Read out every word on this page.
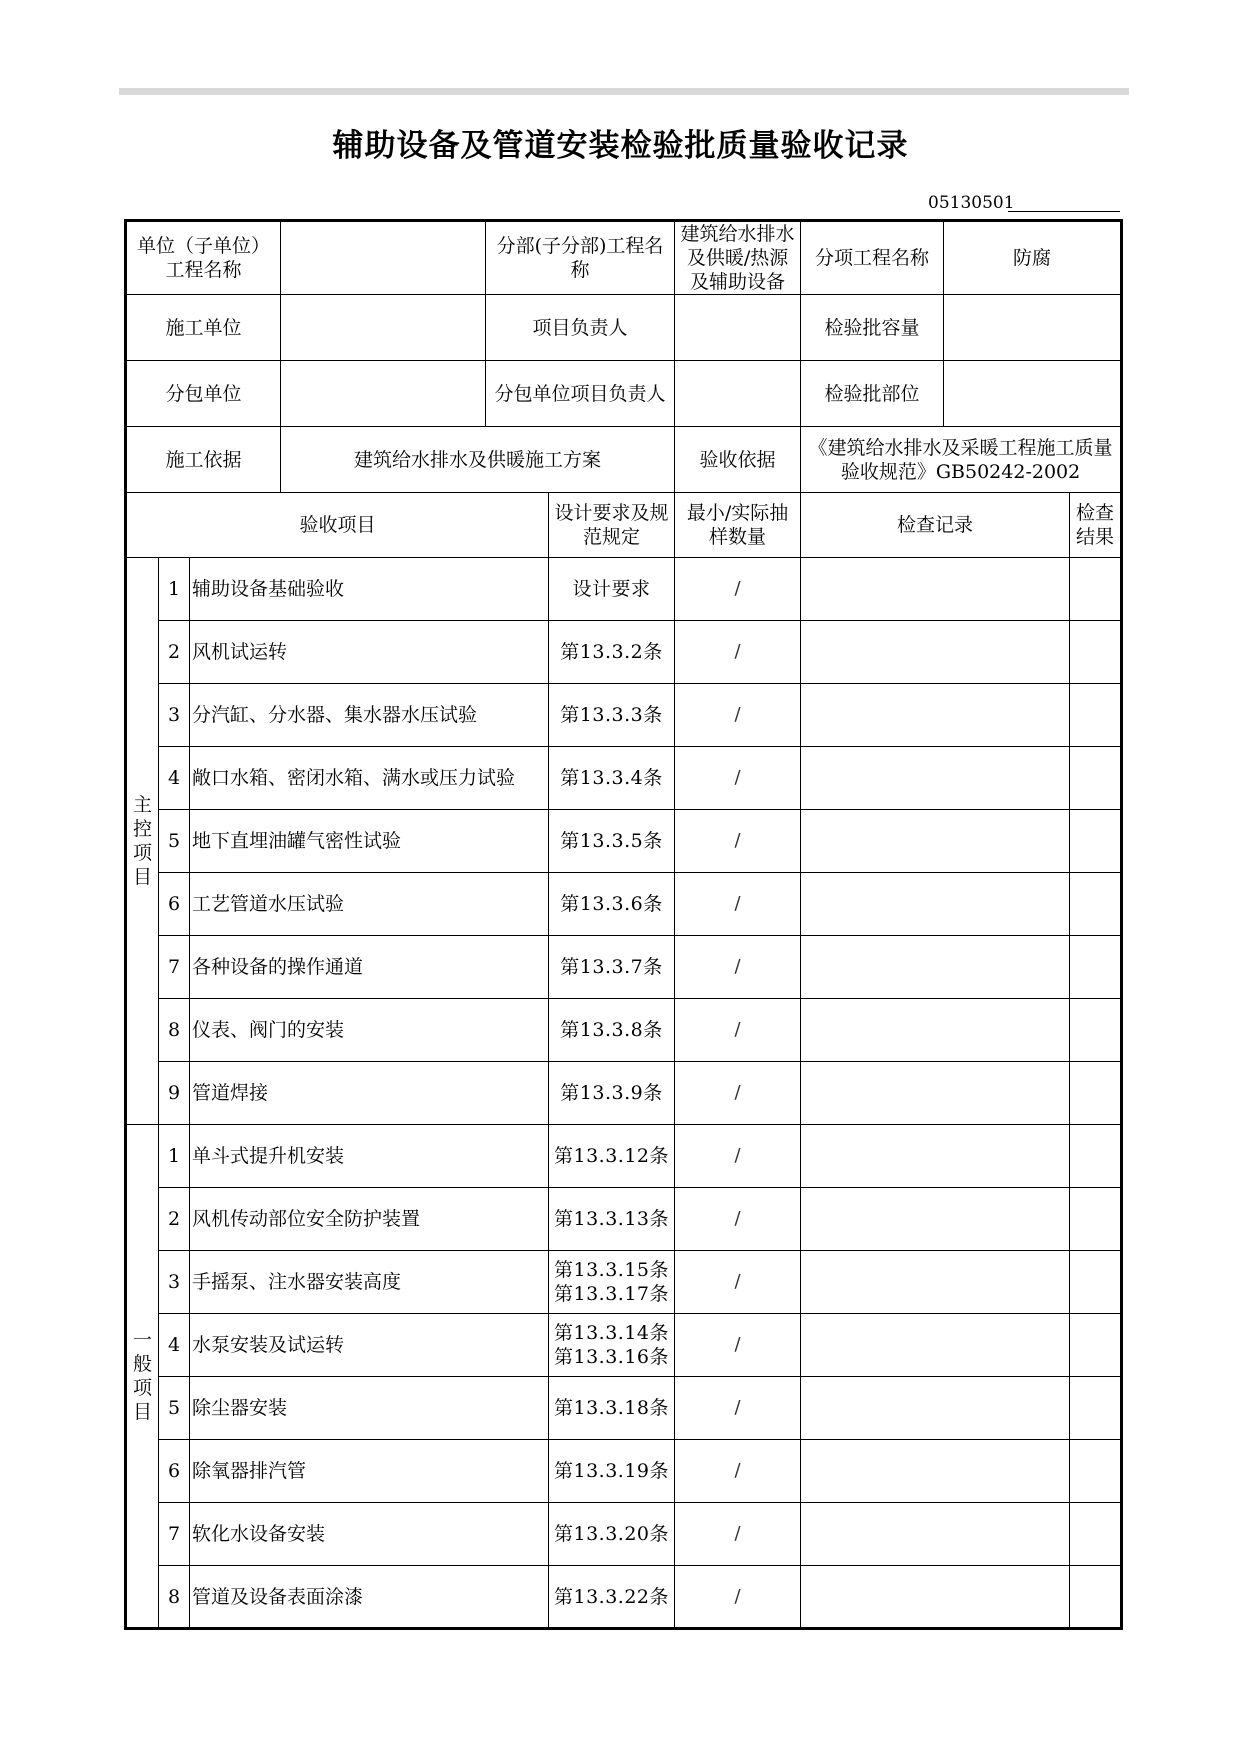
辅助设备及管道安装检验批质量验收记录
05130501
单位（子单位）工程名称				分部(子分部)工程名称		建筑给水排水及供暖/热源及辅助设备	分项工程名称	防腐	
施工单位				项目负责人			检验批容量		
分包单位				分包单位项目负责人			检验批部位		
施工依据			建筑给水排水及供暖施工方案			验收依据	《建筑给水排水及采暖工程施工质量验收规范》GB50242-2002		
验收项目					设计要求及规范规定	最小/实际抽样数量	检查记录		检查结果

主控项目	1	辅助设备基础验收			设计要求	/			
	2	风机试运转			第13.3.2条	/			
	3	分汽缸、分水器、集水器水压试验			第13.3.3条	/			
	4	敞口水箱、密闭水箱、满水或压力试验			第13.3.4条	/			
	5	地下直埋油罐气密性试验			第13.3.5条	/			
	6	工艺管道水压试验			第13.3.6条	/			
	7	各种设备的操作通道			第13.3.7条	/			
	8	仪表、阀门的安装			第13.3.8条	/			
	9	管道焊接			第13.3.9条	/			

一般项目	1	单斗式提升机安装			第13.3.12条	/			
	2	风机传动部位安全防护装置			第13.3.13条	/			
	3	手摇泵、注水器安装高度			第13.3.15条
第13.3.17条	/			
	4	水泵安装及试运转			第13.3.14条
第13.3.16条	/			
	5	除尘器安装			第13.3.18条	/			
	6	除氧器排汽管			第13.3.19条	/			
	7	软化水设备安装			第13.3.20条	/			
	8	管道及设备表面涂漆			第13.3.22条	/			
